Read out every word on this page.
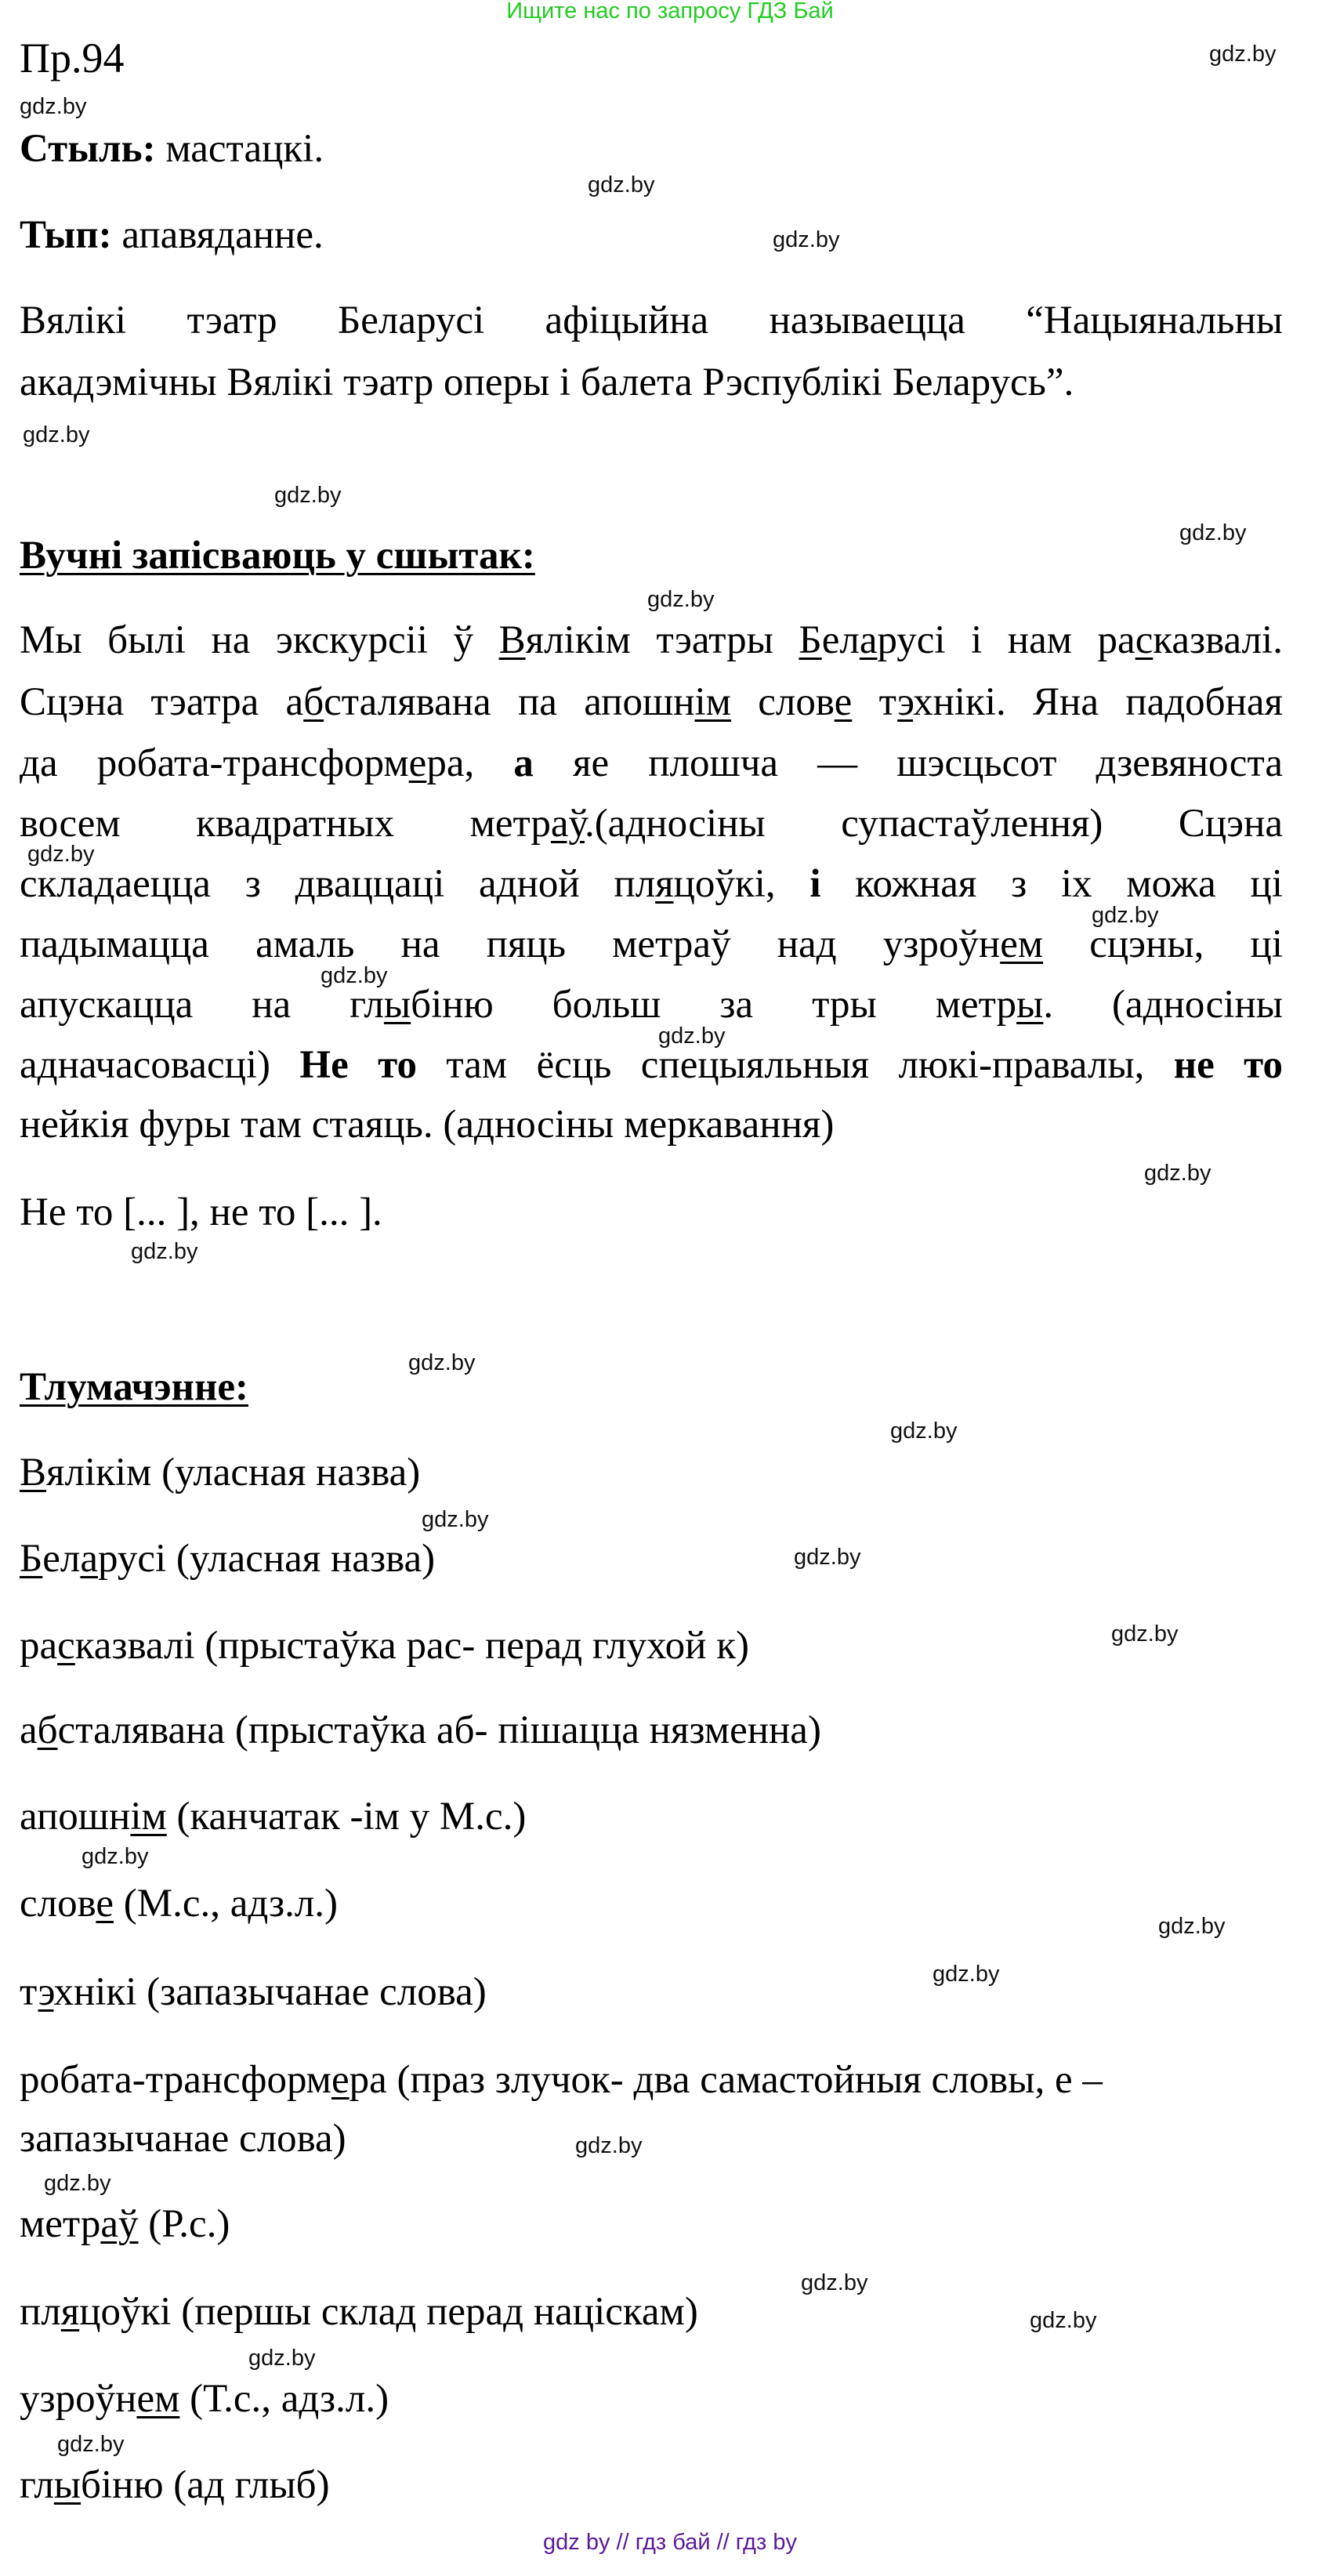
Ищите нас по запросу ГДЗ Бай
Пр.94
Стыль: мастацкі.
Тып: апавяданне.
Вялікі тэатр Беларусі афіцыйна называецца “Нацыянальны
акадэмічны Вялікі тэатр оперы і балета Рэспублікі Беларусь”.
Вучні запісваюць у сшытак:
Мы былі на экскурсіі ў Вялікім тэатры Беларусі і нам расказвалі.
Сцэна тэатра абсталявана па апошнім слове тэхнікі. Яна падобная
да робата-трансформера, а яе плошча — шэсцьсот дзевяноста
восем квадратных метраў.(адносіны супастаўлення) Сцэна
складаецца з дваццаці адной пляцоўкі, і кожная з іх можа ці
падымацца амаль на пяць метраў над узроўнем сцэны, ці
апускацца на глыбіню больш за тры метры. (адносіны
адначасовасці) Не то там ёсць спецыяльныя люкі-правалы, не то
нейкія фуры там стаяць. (адносіны меркавання)
Не то [... ], не то [... ].
Тлумачэнне:
Вялікім (уласная назва)
Беларусі (уласная назва)
расказвалі (прыстаўка рас- перад глухой к)
абсталявана (прыстаўка аб- пішацца нязменна)
апошнім (канчатак -ім у М.с.)
слове (М.с., адз.л.)
тэхнікі (запазычанае слова)
робата-трансформера (праз злучок- два самастойныя словы, е –
запазычанае слова)
метраў (Р.с.)
пляцоўкі (першы склад перад націскам)
узроўнем (Т.с., адз.л.)
глыбіню (ад глыб)
gdz.by
gdz.by
gdz.by
gdz.by
gdz.by
gdz.by
gdz.by
gdz.by
gdz.by
gdz.by
gdz.by
gdz.by
gdz.by
gdz.by
gdz.by
gdz.by
gdz.by
gdz.by
gdz.by
gdz.by
gdz.by
gdz.by
gdz.by
gdz.by
gdz.by
gdz.by
gdz.by
gdz.by
gdz by // гдз бай // гдз by
